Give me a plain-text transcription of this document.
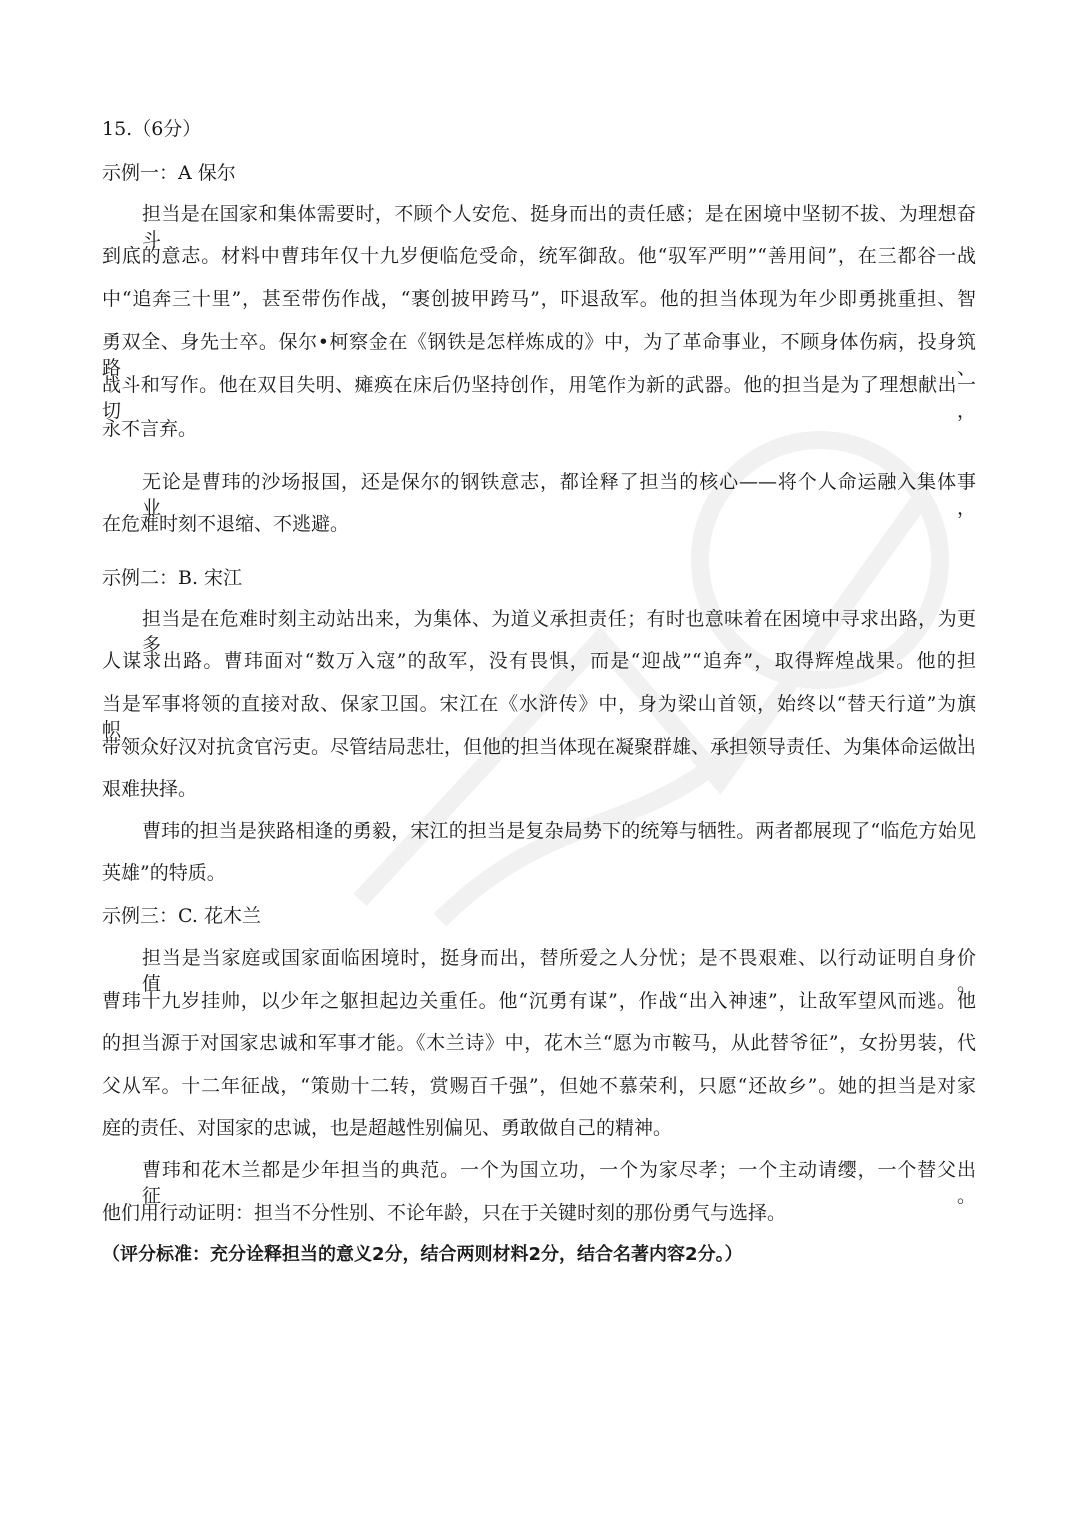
15.（6分）
示例一：A 保尔
担当是在国家和集体需要时，不顾个人安危、挺身而出的责任感；是在困境中坚韧不拔、为理想奋斗
到底的意志。材料中曹玮年仅十九岁便临危受命，统军御敌。他“驭军严明”“善用间”，在三都谷一战
中“追奔三十里”，甚至带伤作战，“裹创披甲跨马”，吓退敌军。他的担当体现为年少即勇挑重担、智
勇双全、身先士卒。保尔•柯察金在《钢铁是怎样炼成的》中，为了革命事业，不顾身体伤病，投身筑路、
战斗和写作。他在双目失明、瘫痪在床后仍坚持创作，用笔作为新的武器。他的担当是为了理想献出一切，
永不言弃。
无论是曹玮的沙场报国，还是保尔的钢铁意志，都诠释了担当的核心——将个人命运融入集体事业，
在危难时刻不退缩、不逃避。
示例二：B. 宋江
担当是在危难时刻主动站出来，为集体、为道义承担责任；有时也意味着在困境中寻求出路，为更多
人谋求出路。曹玮面对“数万入寇”的敌军，没有畏惧，而是“迎战”“追奔”，取得辉煌战果。他的担
当是军事将领的直接对敌、保家卫国。宋江在《水浒传》中，身为梁山首领，始终以“替天行道”为旗帜，
带领众好汉对抗贪官污吏。尽管结局悲壮，但他的担当体现在凝聚群雄、承担领导责任、为集体命运做出
艰难抉择。
曹玮的担当是狭路相逢的勇毅，宋江的担当是复杂局势下的统筹与牺牲。两者都展现了“临危方始见
英雄”的特质。
示例三：C. 花木兰
担当是当家庭或国家面临困境时，挺身而出，替所爱之人分忧；是不畏艰难、以行动证明自身价值。
曹玮十九岁挂帅，以少年之躯担起边关重任。他“沉勇有谋”，作战“出入神速”，让敌军望风而逃。他
的担当源于对国家忠诚和军事才能。《木兰诗》中，花木兰“愿为市鞍马，从此替爷征”，女扮男装，代
父从军。十二年征战，“策勋十二转，赏赐百千强”，但她不慕荣利，只愿“还故乡”。她的担当是对家
庭的责任、对国家的忠诚，也是超越性别偏见、勇敢做自己的精神。
曹玮和花木兰都是少年担当的典范。一个为国立功，一个为家尽孝；一个主动请缨，一个替父出征。
他们用行动证明：担当不分性别、不论年龄，只在于关键时刻的那份勇气与选择。
（评分标准：充分诠释担当的意义2分，结合两则材料2分，结合名著内容2分。）
